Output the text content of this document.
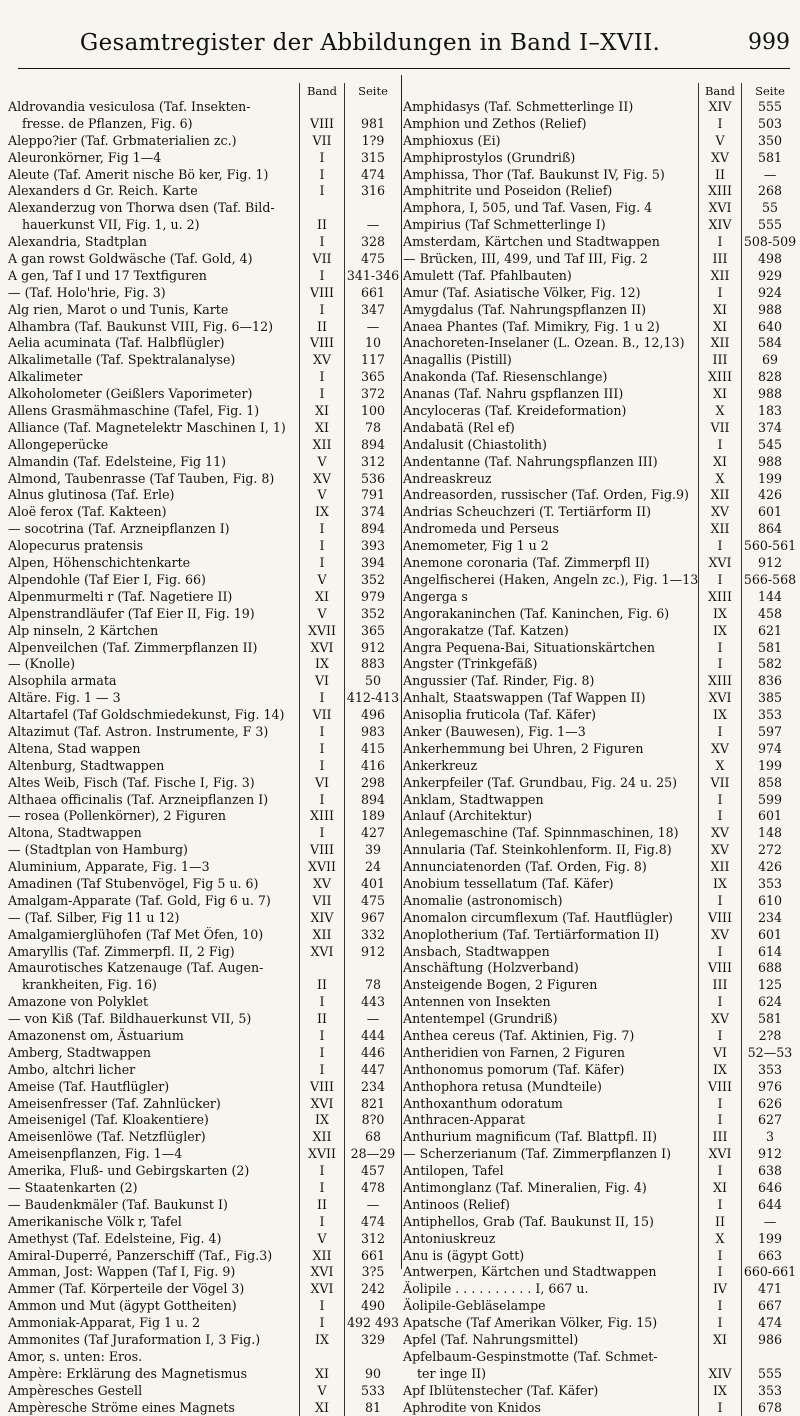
Gesamtregister der Abbildungen in Band I–XVII.	999
Band	Seite
Aldrovandia vesiculosa (Taf. Insekten-
fresse. de Pflanzen, Fig. 6)	VIII	981
Aleppo?ier (Taf. Grbmaterialien zc.)	VII	1?9
Aleuronkörner, Fig 1—4	I	315
Aleute (Taf. Amerit nische Bö ker, Fig. 1)	I	474
Alexanders d Gr. Reich. Karte	I	316
Alexanderzug von Thorwa dsen (Taf. Bild-
hauerkunst VII, Fig. 1, u. 2)	II	—
Alexandria, Stadtplan	I	328
A gan rowst Goldwäsche (Taf. Gold, 4)	VII	475
A gen, Taf I und 17 Textfiguren	I	341-346
— (Taf. Holo'hrie, Fig. 3)	VIII	661
Alg rien, Marot o und Tunis, Karte	I	347
Alhambra (Taf. Baukunst VIII, Fig. 6—12)	II	—
Aelia acuminata (Taf. Halbflügler)	VIII	10
Alkalimetalle (Taf. Spektralanalyse)	XV	117
Alkalimeter	I	365
Alkoholometer (Geißlers Vaporimeter)	I	372
Allens Grasmähmaschine (Tafel, Fig. 1)	XI	100
Alliance (Taf. Magnetelektr Maschinen I, 1)	XI	78
Allongeperücke	XII	894
Almandin (Taf. Edelsteine, Fig 11)	V	312
Almond, Taubenrasse (Taf Tauben, Fig. 8)	XV	536
Alnus glutinosa (Taf. Erle)	V	791
Aloë ferox (Taf. Kakteen)	IX	374
— socotrina (Taf. Arzneipflanzen I)	I	894
Alopecurus pratensis	I	393
Alpen, Höhenschichtenkarte	I	394
Alpendohle (Taf Eier I, Fig. 66)	V	352
Alpenmurmelti r (Taf. Nagetiere II)	XI	979
Alpenstrandläufer (Taf Eier II, Fig. 19)	V	352
Alp ninseln, 2 Kärtchen	XVII	365
Alpenveilchen (Taf. Zimmerpflanzen II)	XVI	912
— (Knolle)	IX	883
Alsophila armata	VI	50
Altäre. Fig. 1 — 3	I	412-413
Altartafel (Taf Goldschmiedekunst, Fig. 14)	VII	496
Altazimut (Taf. Astron. Instrumente, F 3)	I	983
Altena, Stad wappen	I	415
Altenburg, Stadtwappen	I	416
Altes Weib, Fisch (Taf. Fische I, Fig. 3)	VI	298
Althaea officinalis (Taf. Arzneipflanzen I)	I	894
— rosea (Pollenkörner), 2 Figuren	XIII	189
Altona, Stadtwappen	I	427
— (Stadtplan von Hamburg)	VIII	39
Aluminium, Apparate, Fig. 1—3	XVII	24
Amadinen (Taf Stubenvögel, Fig 5 u. 6)	XV	401
Amalgam-Apparate (Taf. Gold, Fig 6 u. 7)	VII	475
— (Taf. Silber, Fig 11 u 12)	XIV	967
Amalgamierglühofen (Taf Met Öfen, 10)	XII	332
Amaryllis (Taf. Zimmerpfl. II, 2 Fig)	XVI	912
Amaurotisches Katzenauge (Taf. Augen-
krankheiten, Fig. 16)	II	78
Amazone von Polyklet	I	443
— von Kiß (Taf. Bildhauerkunst VII, 5)	II	—
Amazonenst om, Ästuarium	I	444
Amberg, Stadtwappen	I	446
Ambo, altchri licher	I	447
Ameise (Taf. Hautflügler)	VIII	234
Ameisenfresser (Taf. Zahnlücker)	XVI	821
Ameisenigel (Taf. Kloakentiere)	IX	8?0
Ameisenlöwe (Taf. Netzflügler)	XII	68
Ameisenpflanzen, Fig. 1—4	XVII	28—29
Amerika, Fluß- und Gebirgskarten (2)	I	457
— Staatenkarten (2)	I	478
— Baudenkmäler (Taf. Baukunst I)	II	—
Amerikanische Völk r, Tafel	I	474
Amethyst (Taf. Edelsteine, Fig. 4)	V	312
Amiral-Duperré, Panzerschiff (Taf., Fig.3)	XII	661
Amman, Jost: Wappen (Taf I, Fig. 9)	XVI	3?5
Ammer (Taf. Körperteile der Vögel 3)	XVI	242
Ammon und Mut (ägypt Gottheiten)	I	490
Ammoniak-Apparat, Fig 1 u. 2	I	492 493
Ammonites (Taf Juraformation I, 3 Fig.)	IX	329
Amor, s. unten: Eros.
Ampère: Erklärung des Magnetismus	XI	90
Ampèresches Gestell	V	533
Ampèresche Ströme eines Magnets	XI	81
Band	Seite
Amphidasys (Taf. Schmetterlinge II)	XIV	555
Amphion und Zethos (Relief)	I	503
Amphioxus (Ei)	V	350
Amphiprostylos (Grundriß)	XV	581
Amphissa, Thor (Taf. Baukunst IV, Fig. 5)	II	—
Amphitrite und Poseidon (Relief)	XIII	268
Amphora, I, 505, und Taf. Vasen, Fig. 4	XVI	55
Ampirius (Taf Schmetterlinge I)	XIV	555
Amsterdam, Kärtchen und Stadtwappen	I	508-509
— Brücken, III, 499, und Taf III, Fig. 2	III	498
Amulett (Taf. Pfahlbauten)	XII	929
Amur (Taf. Asiatische Völker, Fig. 12)	I	924
Amygdalus (Taf. Nahrungspflanzen II)	XI	988
Anaea Phantes (Taf. Mimikry, Fig. 1 u 2)	XI	640
Anachoreten-Inselaner (L. Ozean. B., 12,13)	XII	584
Anagallis (Pistill)	III	69
Anakonda (Taf. Riesenschlange)	XIII	828
Ananas (Taf. Nahru gspflanzen III)	XI	988
Ancyloceras (Taf. Kreideformation)	X	183
Andabatä (Rel ef)	VII	374
Andalusit (Chiastolith)	I	545
Andentanne (Taf. Nahrungspflanzen III)	XI	988
Andreaskreuz	X	199
Andreasorden, russischer (Taf. Orden, Fig.9)	XII	426
Andrias Scheuchzeri (T. Tertiärform II)	XV	601
Andromeda und Perseus	XII	864
Anemometer, Fig 1 u 2	I	560-561
Anemone coronaria (Taf. Zimmerpfl II)	XVI	912
Angelfischerei (Haken, Angeln zc.), Fig. 1—13	I	566-568
Angerga s	XIII	144
Angorakaninchen (Taf. Kaninchen, Fig. 6)	IX	458
Angorakatze (Taf. Katzen)	IX	621
Angra Pequena-Bai, Situationskärtchen	I	581
Angster (Trinkgefäß)	I	582
Angussier (Taf. Rinder, Fig. 8)	XIII	836
Anhalt, Staatswappen (Taf Wappen II)	XVI	385
Anisoplia fruticola (Taf. Käfer)	IX	353
Anker (Bauwesen), Fig. 1—3	I	597
Ankerhemmung bei Uhren, 2 Figuren	XV	974
Ankerkreuz	X	199
Ankerpfeiler (Taf. Grundbau, Fig. 24 u. 25)	VII	858
Anklam, Stadtwappen	I	599
Anlauf (Architektur)	I	601
Anlegemaschine (Taf. Spinnmaschinen, 18)	XV	148
Annularia (Taf. Steinkohlenform. II, Fig.8)	XV	272
Annunciatenorden (Taf. Orden, Fig. 8)	XII	426
Anobium tessellatum (Taf. Käfer)	IX	353
Anomalie (astronomisch)	I	610
Anomalon circumflexum (Taf. Hautflügler)	VIII	234
Anoplotherium (Taf. Tertiärformation II)	XV	601
Ansbach, Stadtwappen	I	614
Anschäftung (Holzverband)	VIII	688
Ansteigende Bogen, 2 Figuren	III	125
Antennen von Insekten	I	624
Antentempel (Grundriß)	XV	581
Anthea cereus (Taf. Aktinien, Fig. 7)	I	2?8
Antheridien von Farnen, 2 Figuren	VI	52—53
Anthonomus pomorum (Taf. Käfer)	IX	353
Anthophora retusa (Mundteile)	VIII	976
Anthoxanthum odoratum	I	626
Anthracen-Apparat	I	627
Anthurium magnificum (Taf. Blattpfl. II)	III	3
— Scherzerianum (Taf. Zimmerpflanzen I)	XVI	912
Antilopen, Tafel	I	638
Antimonglanz (Taf. Mineralien, Fig. 4)	XI	646
Antinoos (Relief)	I	644
Antiphellos, Grab (Taf. Baukunst II, 15)	II	—
Antoniuskreuz	X	199
Anu is (ägypt Gott)	I	663
Antwerpen, Kärtchen und Stadtwappen	I	660-661
Äolipile . . . . . . . . . . I, 667 u.	IV	471
Äolipile-Gebläselampe	I	667
Apatsche (Taf Amerikan Völker, Fig. 15)	I	474
Apfel (Taf. Nahrungsmittel)	XI	986
Apfelbaum-Gespinstmotte (Taf. Schmet-
ter inge II)	XIV	555
Apf Iblütenstecher (Taf. Käfer)	IX	353
Aphrodite von Knidos	I	678
